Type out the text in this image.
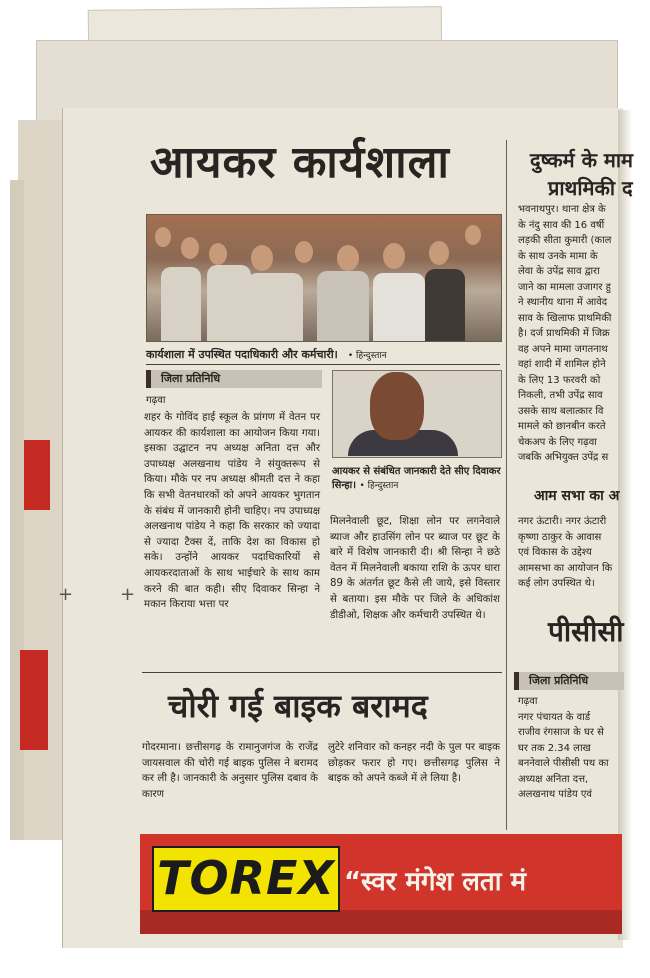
आयकर कार्यशाला
कार्यशाला में उपस्थित पदाधिकारी और कर्मचारी। • हिन्दुस्तान
जिला प्रतिनिधि
गढ़वा

शहर के गोविंद हाई स्कूल के प्रांगण में वेतन पर आयकर की कार्यशाला का आयोजन किया गया। इसका उद्घाटन नप अध्यक्ष अनिता दत्त और उपाध्यक्ष अलखनाथ पांडेय ने संयुक्तरूप से किया। मौके पर नप अध्यक्ष श्रीमती दत्त ने कहा कि सभी वेतनधारकों को अपने आयकर भुगतान के संबंध में जानकारी होनी चाहिए। नप उपाध्यक्ष अलखनाथ पांडेय ने कहा कि सरकार को ज्यादा से ज्यादा टैक्स दें, ताकि देश का विकास हो सके। उन्होंने आयकर पदाधिकारियों से आयकरदाताओं के साथ भाईचारे के साथ काम करने की बात कही। सीए दिवाकर सिन्हा ने मकान किराया भत्ता पर

आयकर से संबंधित जानकारी देते सीए दिवाकर सिन्हा। • हिन्दुस्तान
मिलनेवाली छूट, शिक्षा लोन पर लगनेवाले ब्याज और हाउसिंग लोन पर ब्याज पर छूट के बारे में विशेष जानकारी दी। श्री सिन्हा ने छठे वेतन में मिलनेवाली बकाया राशि के ऊपर धारा 89 के अंतर्गत छूट कैसे ली जाये, इसे विस्तार से बताया। इस मौके पर जिले के अधिकांश डीडीओ, शिक्षक और कर्मचारी उपस्थित थे।
+	+
चोरी गई बाइक बरामद
गोदरमाना। छत्तीसगढ़ के रामानुजगंज के राजेंद्र जायसवाल की चोरी गई बाइक पुलिस ने बरामद कर ली है। जानकारी के अनुसार पुलिस दबाव के कारण
लुटेरे शनिवार को कनहर नदी के पुल पर बाइक छोड़कर फरार हो गए। छत्तीसगढ़ पुलिस ने बाइक को अपने कब्जे में ले लिया है।
दुष्कर्म के माम
प्राथमिकी द
भवनाथपुर। थाना क्षेत्र के
के नंदु साव की 16 वर्षी
लड़की सीता कुमारी (काल
के साथ उनके मामा के
लेवा के उपेंद्र साव द्वारा
जाने का मामला उजागर हु
ने स्थानीय थाना में आवेद
साव के खिलाफ प्राथमिकी
है। दर्ज प्राथमिकी में जिक्र
वह अपने मामा जगतनाथ
वहां शादी में शामिल होने
के लिए 13 फरवरी को
निकली, तभी उपेंद्र साव
उसके साथ बलात्कार वि
मामले को छानबीन करते
चेकअप के लिए गढ़वा
जबकि अभियुक्त उपेंद्र स
आम सभा का अ
नगर ऊंटारी। नगर ऊंटारी
कृष्णा ठाकुर के आवास
एवं विकास के उद्देश्य
आमसभा का आयोजन कि
कई लोग उपस्थित थे।
पीसीसी
जिला प्रतिनिधि
गढ़वा
नगर पंचायत के वार्ड
राजीव रंगसाज के घर से
घर तक 2.34 लाख
बननेवाले पीसीसी पथ का
अध्यक्ष अनिता दत्त,
अलखनाथ पांडेय एवं
TOREX “स्वर मंगेश लता मं
